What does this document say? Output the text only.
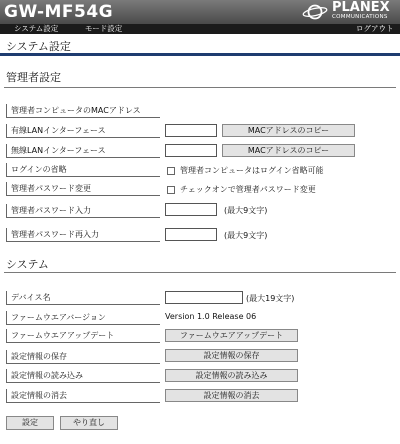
GW-MF54G	PLANEX
COMMUNICATIONS
システム設定	モード設定	ログアウト
システム設定
管理者設定
管理者コンピュータのMACアドレス
有線LANインターフェース	MACアドレスのコピー
無線LANインターフェース	MACアドレスのコピー
ログインの省略	管理者コンピュータはログイン省略可能
管理者パスワード変更	チェックオンで管理者パスワード変更
管理者パスワード入力	(最大9文字)
管理者パスワード再入力	(最大9文字)
システム
デバイス名	(最大19文字)
ファームウエアバージョン	Version 1.0 Release 06
ファームウエアアップデート	ファームウエアアップデート
設定情報の保存	設定情報の保存
設定情報の読み込み	設定情報の読み込み
設定情報の消去	設定情報の消去
設定	やり直し
